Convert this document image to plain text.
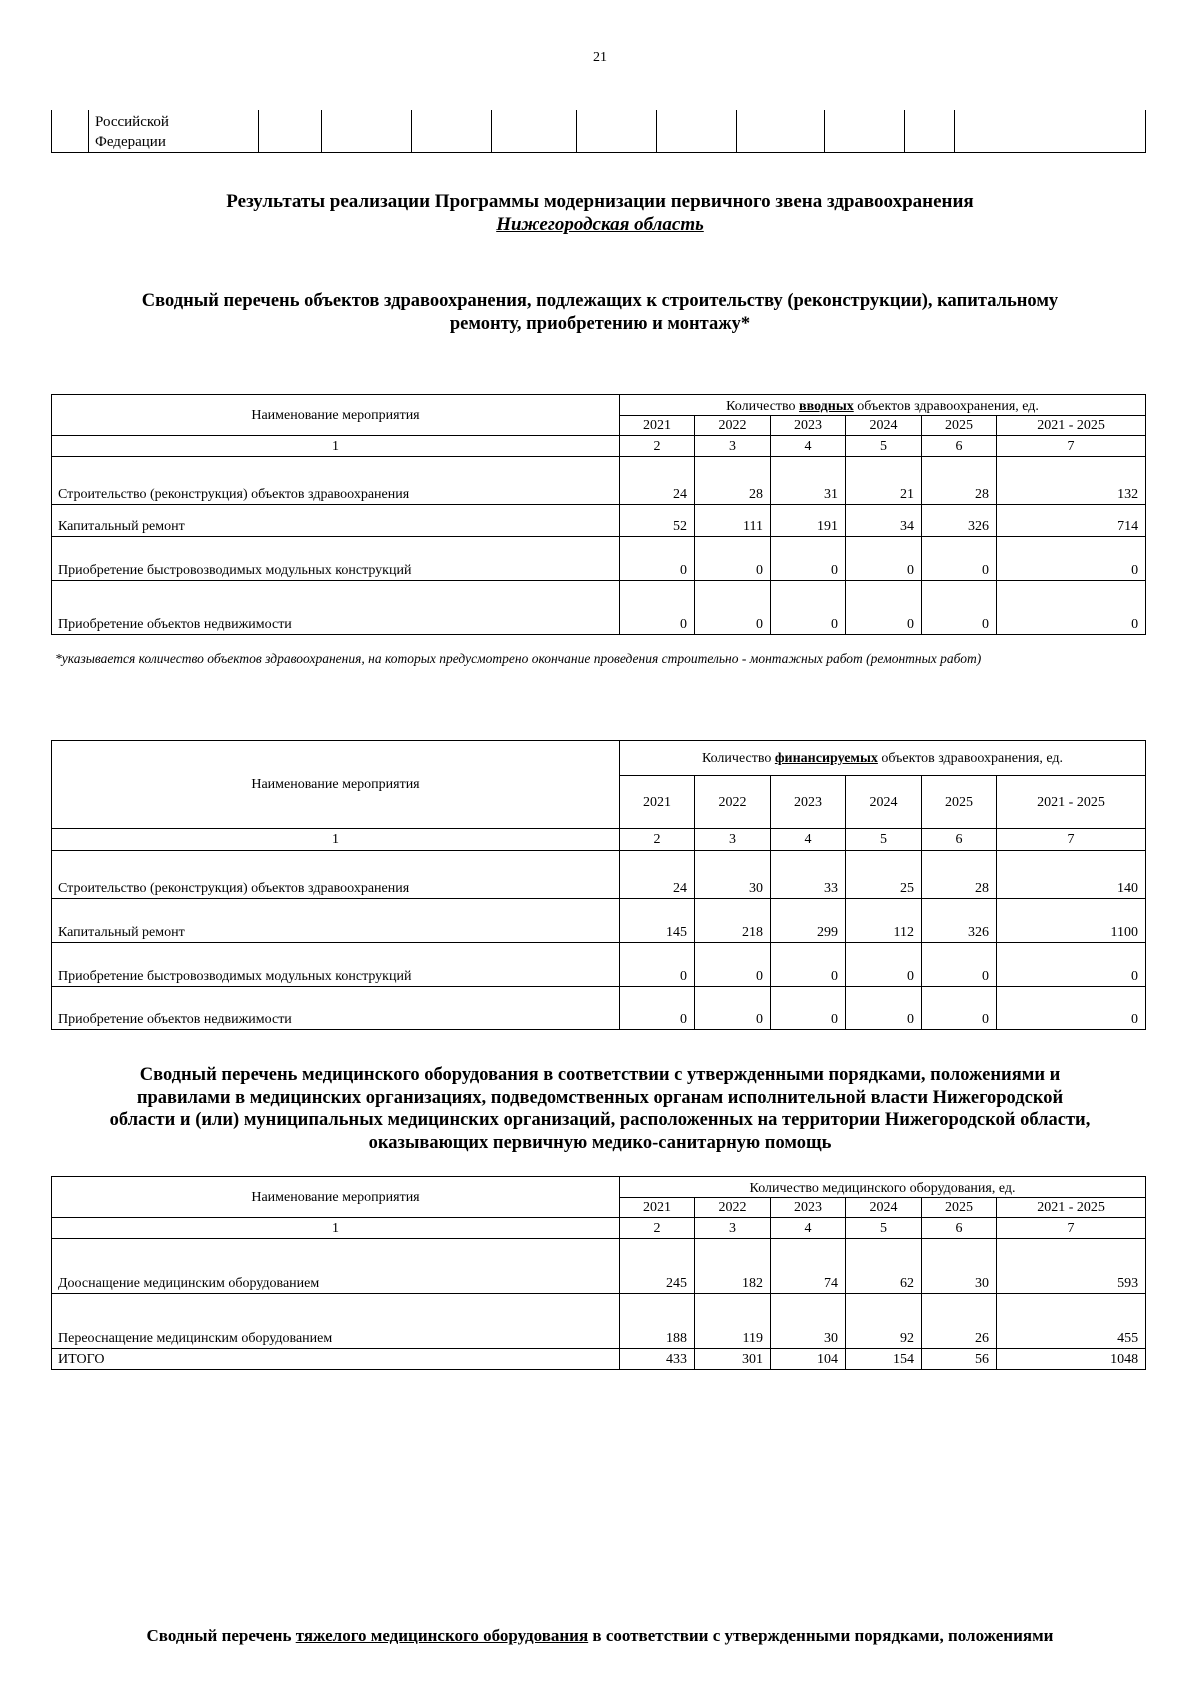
21
	Российской
Федерации										
Результаты реализации Программы модернизации первичного звена здравоохранения
Нижегородская область
Сводный перечень объектов здравоохранения, подлежащих к строительству (реконструкции), капитальному
ремонту, приобретению и монтажу*
Наименование мероприятия	Количество вводных объектов здравоохранения, ед.					
	2021	2022	2023	2024	2025	2021 - 2025
1	2	3	4	5	6	7
Строительство (реконструкция) объектов здравоохранения	24	28	31	21	28	132
Капитальный ремонт	52	111	191	34	326	714
Приобретение быстровозводимых модульных конструкций	0	0	0	0	0	0
Приобретение объектов недвижимости	0	0	0	0	0	0
*указывается количество объектов здравоохранения, на которых предусмотрено окончание проведения строительно - монтажных работ (ремонтных работ)
Наименование мероприятия	Количество финансируемых объектов здравоохранения, ед.					
	2021	2022	2023	2024	2025	2021 - 2025
1	2	3	4	5	6	7
Строительство (реконструкция) объектов здравоохранения	24	30	33	25	28	140
Капитальный ремонт	145	218	299	112	326	1100
Приобретение быстровозводимых модульных конструкций	0	0	0	0	0	0
Приобретение объектов недвижимости	0	0	0	0	0	0
Сводный перечень медицинского оборудования в соответствии с утвержденными порядками, положениями и
правилами в медицинских организациях, подведомственных органам исполнительной власти Нижегородской
области и (или) муниципальных медицинских организаций, расположенных на территории Нижегородской области,
оказывающих первичную медико-санитарную помощь
Наименование мероприятия	Количество медицинского оборудования, ед.					
	2021	2022	2023	2024	2025	2021 - 2025
1	2	3	4	5	6	7
Дооснащение медицинским оборудованием	245	182	74	62	30	593
Переоснащение медицинским оборудованием	188	119	30	92	26	455
ИТОГО	433	301	104	154	56	1048
Сводный перечень тяжелого медицинского оборудования в соответствии с утвержденными порядками, положениями
